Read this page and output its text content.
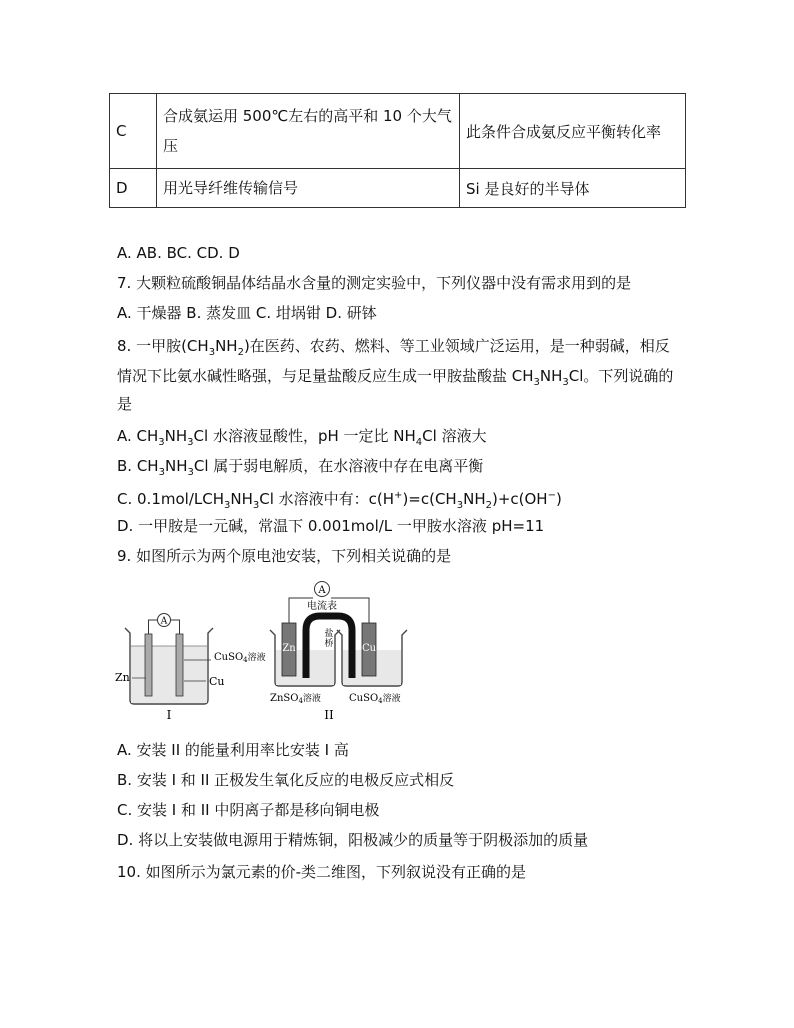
C	合成氨运用 500℃左右的高平和 10 个大气压	此条件合成氨反应平衡转化率
D	用光导纤维传输信号	Si 是良好的半导体
A. AB. BC. CD. D
7. 大颗粒硫酸铜晶体结晶水含量的测定实验中，下列仪器中没有需求用到的是
A. 干燥器 B. 蒸发皿 C. 坩埚钳 D. 研钵
8. 一甲胺$(CH_3NH_2)$在医药、农药、燃料、等工业领域广泛运用，是一种弱碱，相反
情况下比氨水碱性略强，与足量盐酸反应生成一甲胺盐酸盐 $CH_3NH_3Cl$。下列说确的
是
A. $CH_3NH_3Cl$ 水溶液显酸性，pH 一定比 $NH_4Cl$ 溶液大
B. $CH_3NH_3Cl$ 属于弱电解质，在水溶液中存在电离平衡
C. $0.1mol/LCH_3NH_3Cl$ 水溶液中有：$c(H^+)=c(CH_3NH_2)+c(OH^-)$
D. 一甲胺是一元碱，常温下 0.001mol/L 一甲胺水溶液 pH=11
9. 如图所示为两个原电池安装，下列相关说确的是
A
Zn	Cu
CuSO$_4$溶液
I
A
电流表
Zn	Cu
盐桥
ZnSO$_4$溶液	CuSO$_4$溶液
II
A. 安装 II 的能量利用率比安装 I 高
B. 安装 I 和 II 正极发生氧化反应的电极反应式相反
C. 安装 I 和 II 中阴离子都是移向铜电极
D. 将以上安装做电源用于精炼铜，阳极减少的质量等于阴极添加的质量
10. 如图所示为氯元素的价-类二维图，下列叙说没有正确的是
